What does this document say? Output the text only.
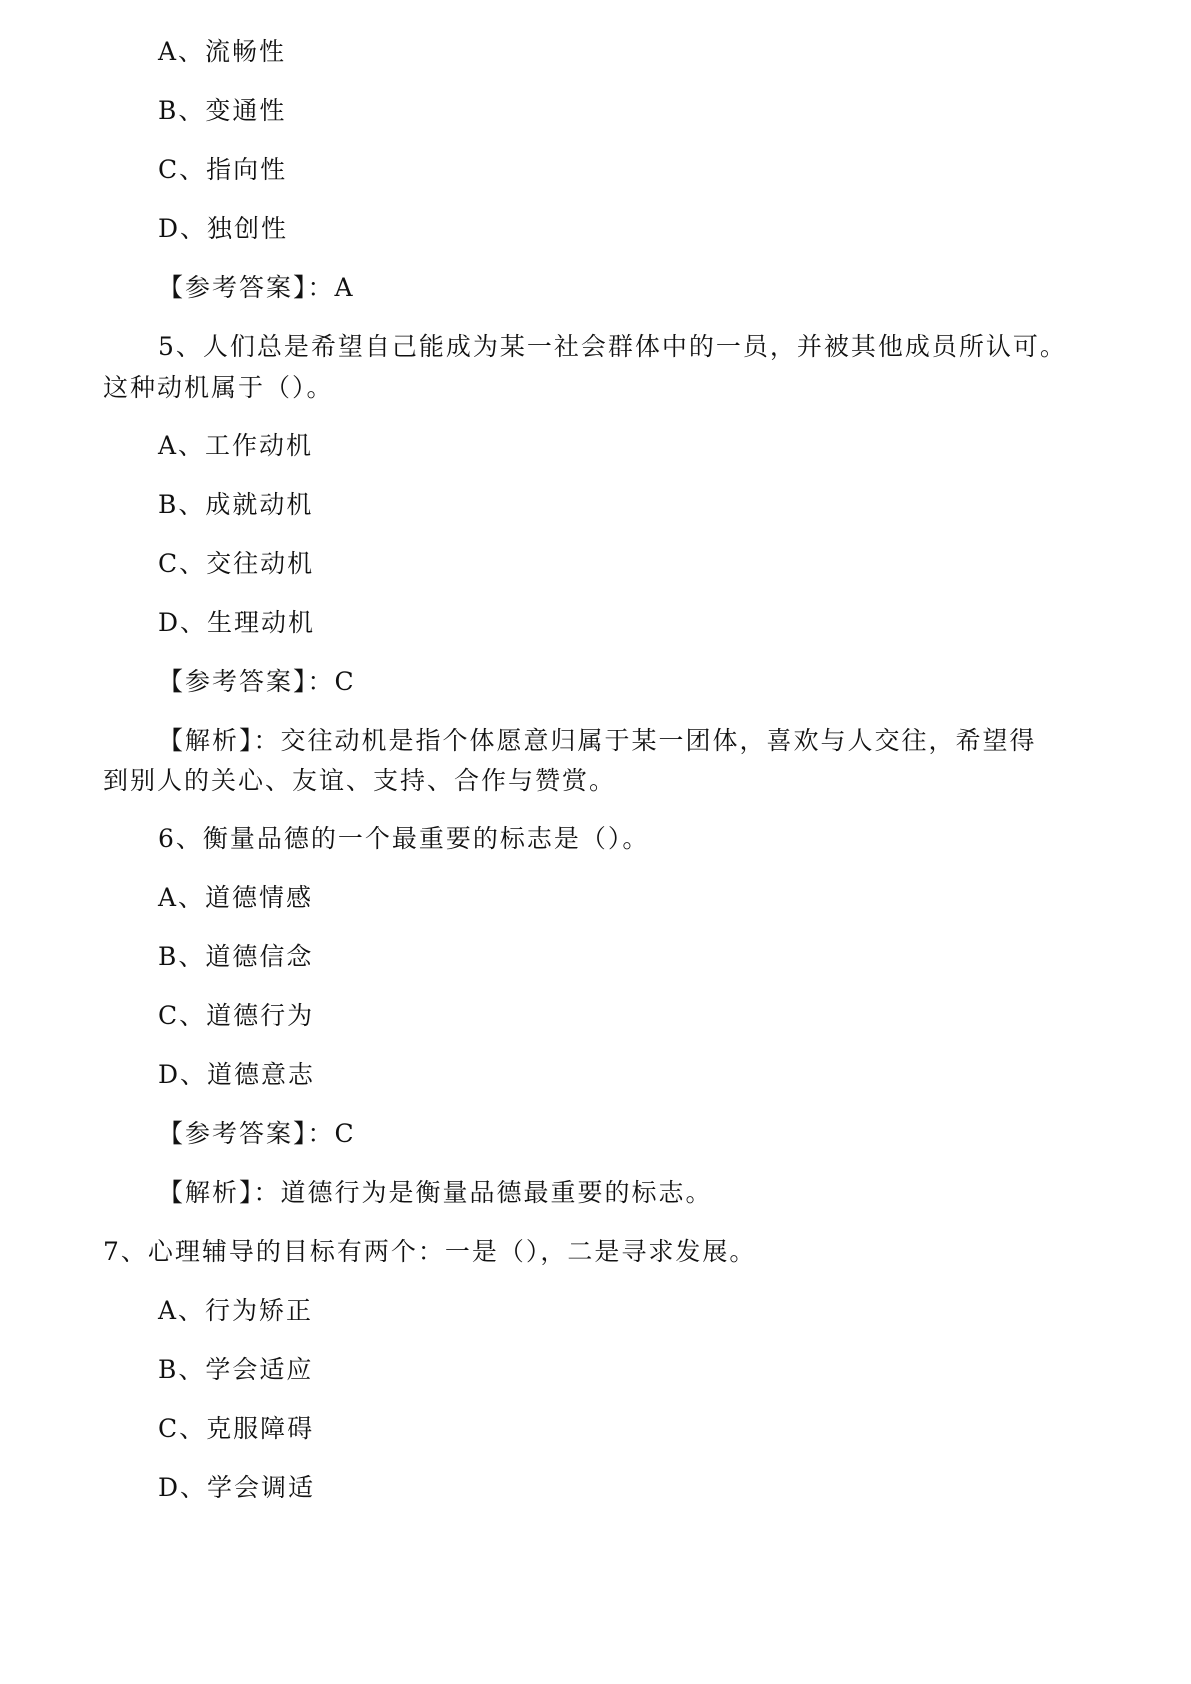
A、流畅性
B、变通性
C、指向性
D、独创性
【参考答案】：A
5、人们总是希望自己能成为某一社会群体中的一员，并被其他成员所认可。
这种动机属于（）。
A、工作动机
B、成就动机
C、交往动机
D、生理动机
【参考答案】：C
【解析】：交往动机是指个体愿意归属于某一团体，喜欢与人交往，希望得
到别人的关心、友谊、支持、合作与赞赏。
6、衡量品德的一个最重要的标志是（）。
A、道德情感
B、道德信念
C、道德行为
D、道德意志
【参考答案】：C
【解析】：道德行为是衡量品德最重要的标志。
7、心理辅导的目标有两个：一是（），二是寻求发展。
A、行为矫正
B、学会适应
C、克服障碍
D、学会调适
